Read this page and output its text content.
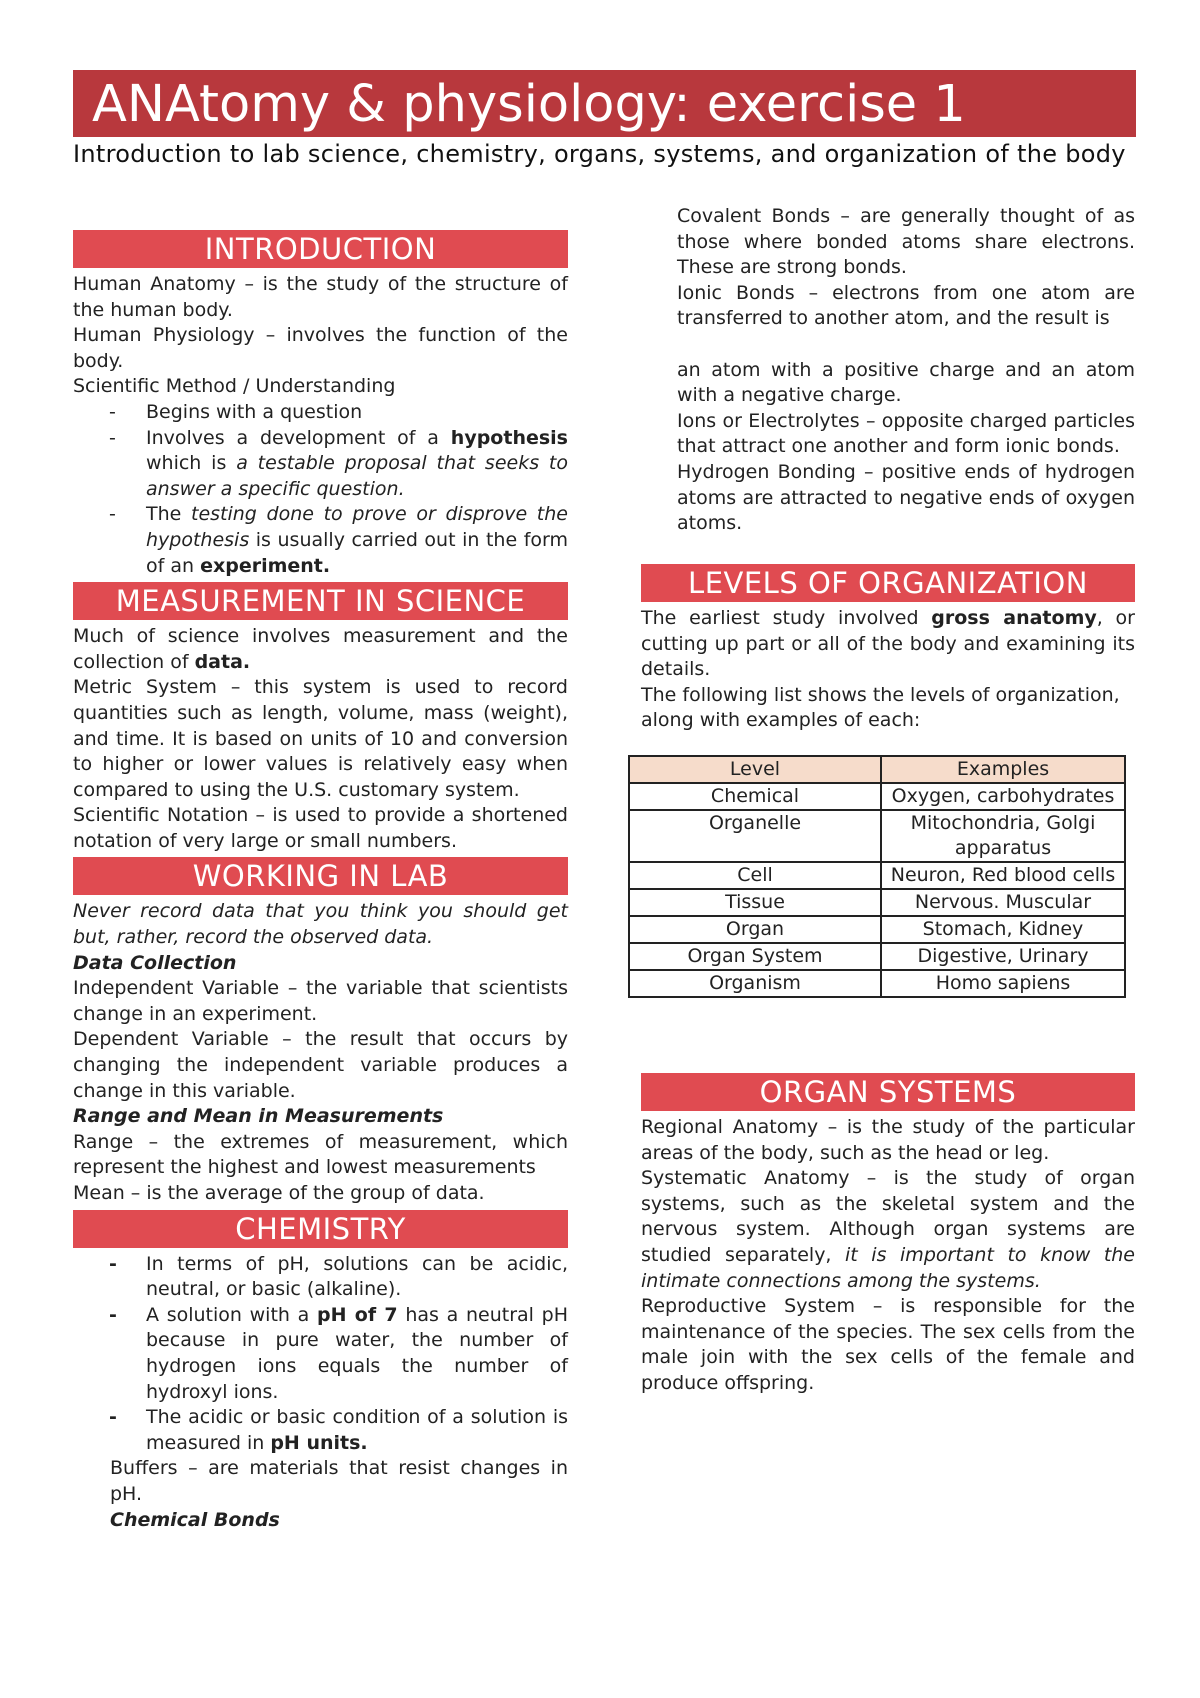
ANAtomy & physiology: exercise 1
Introduction to lab science, chemistry, organs, systems, and organization of the body
INTRODUCTION

Human Anatomy – is the study of the structure of the human body.

Human Physiology – involves the function of the body.

Scientific Method / Understanding

- Begins with a question
- Involves a development of a hypothesis which is a testable proposal that seeks to answer a specific question.
- The testing done to prove or disprove the hypothesis is usually carried out in the form of an experiment.
MEASUREMENT IN SCIENCE

Much of science involves measurement and the collection of data.

Metric System – this system is used to record quantities such as length, volume, mass (weight), and time. It is based on units of 10 and conversion to higher or lower values is relatively easy when compared to using the U.S. customary system.

Scientific Notation – is used to provide a shortened notation of very large or small numbers.

WORKING IN LAB

Never record data that you think you should get but, rather, record the observed data.

Data Collection

Independent Variable – the variable that scientists change in an experiment.

Dependent Variable – the result that occurs by changing the independent variable produces a change in this variable.

Range and Mean in Measurements

Range – the extremes of measurement, which represent the highest and lowest measurements

Mean – is the average of the group of data.

CHEMISTRY
- In terms of pH, solutions can be acidic, neutral, or basic (alkaline).
- A solution with a pH of 7 has a neutral pH because in pure water, the number of hydrogen ions equals the number of hydroxyl ions.
- The acidic or basic condition of a solution is measured in pH units.

Buffers – are materials that resist changes in pH.

Chemical Bonds

Covalent Bonds – are generally thought of as those where bonded atoms share electrons. These are strong bonds.

Ionic Bonds – electrons from one atom are transferred to another atom, and the result is

an atom with a positive charge and an atom with a negative charge.

Ions or Electrolytes – opposite charged particles that attract one another and form ionic bonds.

Hydrogen Bonding – positive ends of hydrogen atoms are attracted to negative ends of oxygen atoms.

LEVELS OF ORGANIZATION

The earliest study involved gross anatomy, or cutting up part or all of the body and examining its details.

The following list shows the levels of organization, along with examples of each:

Level	Examples
Chemical	Oxygen, carbohydrates
Organelle	Mitochondria, Golgi apparatus
Cell	Neuron, Red blood cells
Tissue	Nervous. Muscular
Organ	Stomach, Kidney
Organ System	Digestive, Urinary
Organism	Homo sapiens
ORGAN SYSTEMS

Regional Anatomy – is the study of the particular areas of the body, such as the head or leg.

Systematic Anatomy – is the study of organ systems, such as the skeletal system and the nervous system. Although organ systems are studied separately, it is important to know the intimate connections among the systems.

Reproductive System – is responsible for the maintenance of the species. The sex cells from the male join with the sex cells of the female and produce offspring.
